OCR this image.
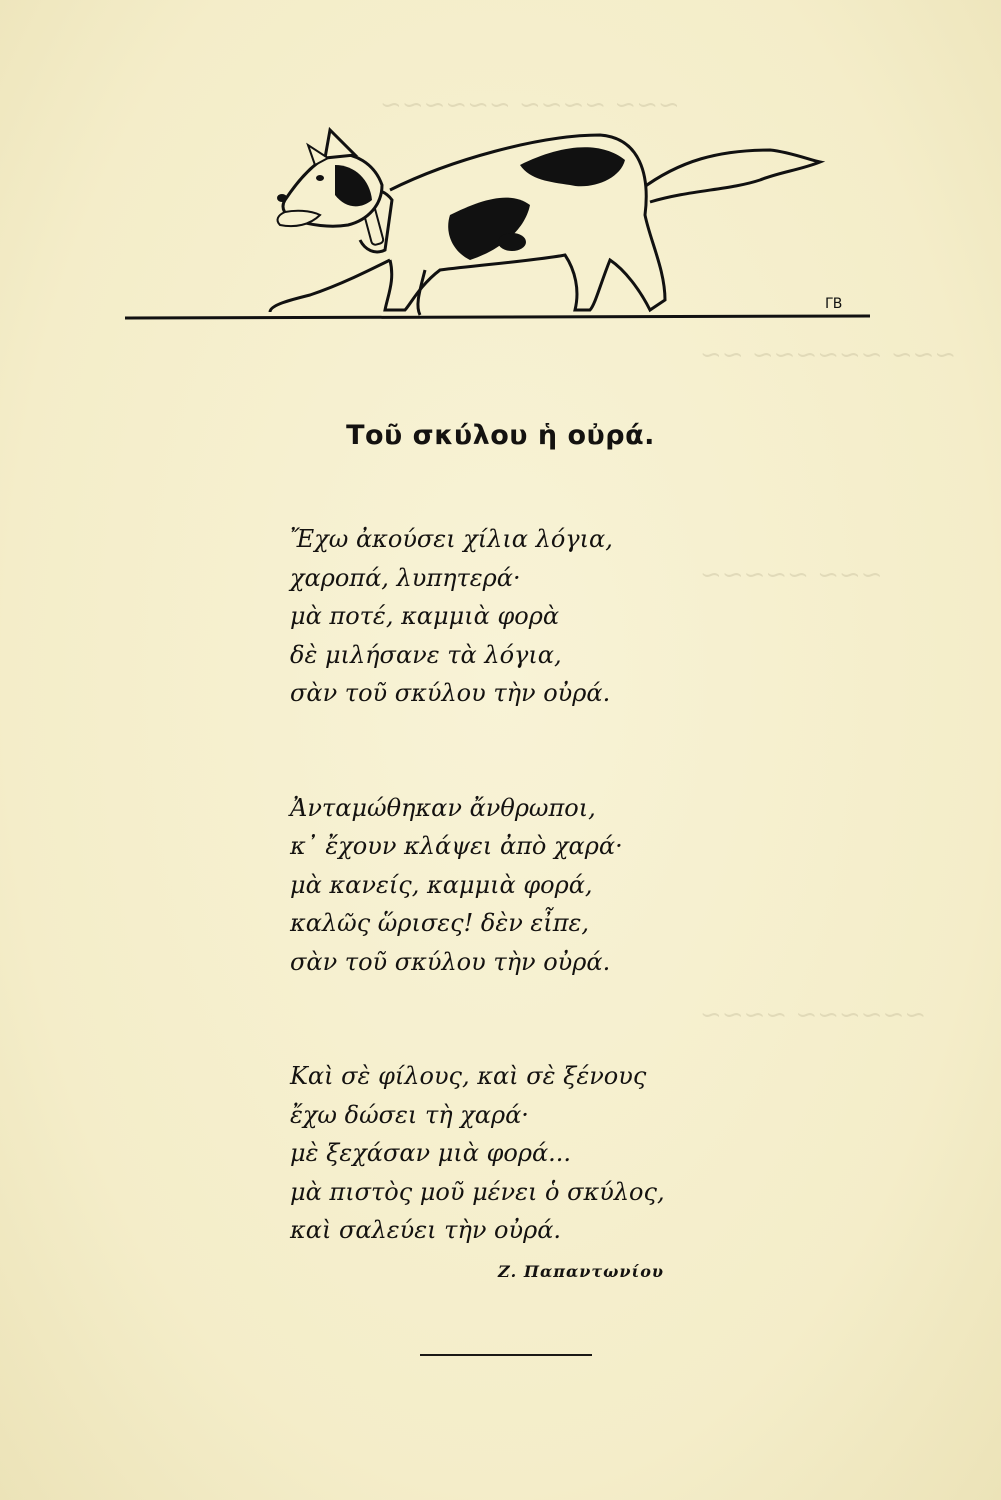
~~~ ~~~~ ~~~~~~
~~~ ~~~~~~ ~~
~~~ ~~~~~
~~~~~~ ~~~~
ΓΒ
Τοῦ σκύλου ἡ οὐρά.
Ἔχω ἀκούσει χίλια λόγια,
χαροπά, λυπητερά·
μὰ ποτέ, καμμιὰ φορὰ
δὲ μιλήσανε τὰ λόγια,
σὰν τοῦ σκύλου τὴν οὐρά.
Ἀνταμώθηκαν ἄνθρωποι,
κ᾽ ἔχουν κλάψει ἀπὸ χαρά·
μὰ κανείς, καμμιὰ φορά,
καλῶς ὥρισες! δὲν εἶπε,
σὰν τοῦ σκύλου τὴν οὐρά.
Καὶ σὲ φίλους, καὶ σὲ ξένους
ἔχω δώσει τὴ χαρά·
μὲ ξεχάσαν μιὰ φορά...
μὰ πιστὸς μοῦ μένει ὁ σκύλος,
καὶ σαλεύει τὴν οὐρά.
Ζ. Παπαντωνίου
